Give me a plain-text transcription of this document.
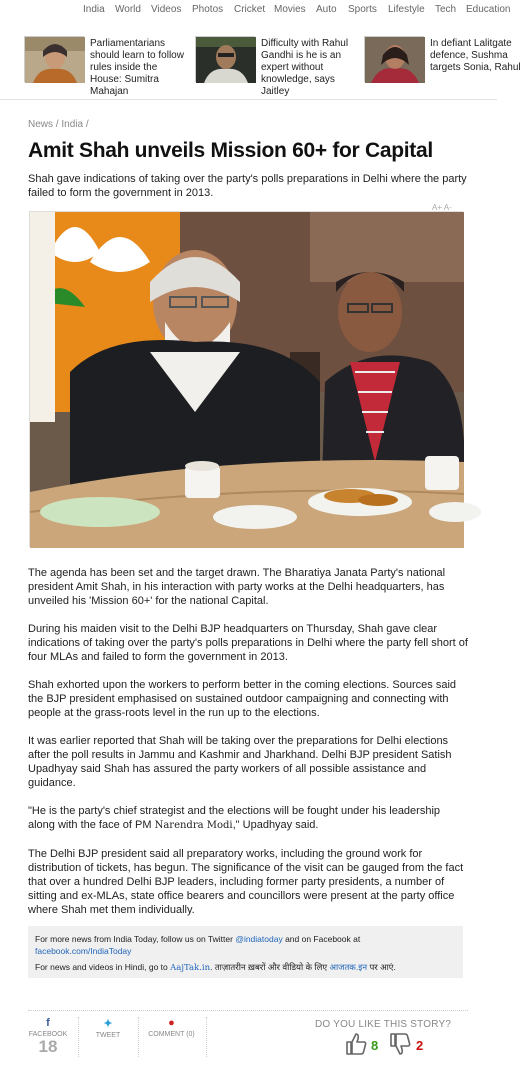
India World Videos Photos Cricket Movies Auto Sports Lifestyle Tech Education
Parliamentarians should learn to follow rules inside the House: Sumitra Mahajan
Difficulty with Rahul Gandhi is he is an expert without knowledge, says Jaitley
In defiant Lalitgate defence, Sushma targets Sonia, Rahul
News / India /
Amit Shah unveils Mission 60+ for Capital
Shah gave indications of taking over the party's polls preparations in Delhi where the party failed to form the government in 2013.
A+ A-

The agenda has been set and the target drawn. The Bharatiya Janata Party's national president Amit Shah, in his interaction with party works at the Delhi headquarters, has unveiled his 'Mission 60+' for the national Capital.

During his maiden visit to the Delhi BJP headquarters on Thursday, Shah gave clear indications of taking over the party's polls preparations in Delhi where the party fell short of four MLAs and failed to form the government in 2013.

Shah exhorted upon the workers to perform better in the coming elections. Sources said the BJP president emphasised on sustained outdoor campaigning and connecting with people at the grass-roots level in the run up to the elections.

It was earlier reported that Shah will be taking over the preparations for Delhi elections after the poll results in Jammu and Kashmir and Jharkhand. Delhi BJP president Satish Upadhyay said Shah has assured the party workers of all possible assistance and guidance.

"He is the party's chief strategist and the elections will be fought under his leadership along with the face of PM Narendra Modi," Upadhyay said.

The Delhi BJP president said all preparatory works, including the ground work for distribution of tickets, has begun. The significance of the visit can be gauged from the fact that over a hundred Delhi BJP leaders, including former party presidents, a number of sitting and ex-MLAs, state office bearers and councillors were present at the party office where Shah met them individually.

For more news from India Today, follow us on Twitter @indiatoday and on Facebook at facebook.com/IndiaToday
For news and videos in Hindi, go to AajTak.in. ताज़ातरीन ख़बरों और वीडियो के लिए आजतक.इन पर आएं.
f
FACEBOOK
18
✦
TWEET
●
COMMENT (0)
DO YOU LIKE THIS STORY?
8	2
